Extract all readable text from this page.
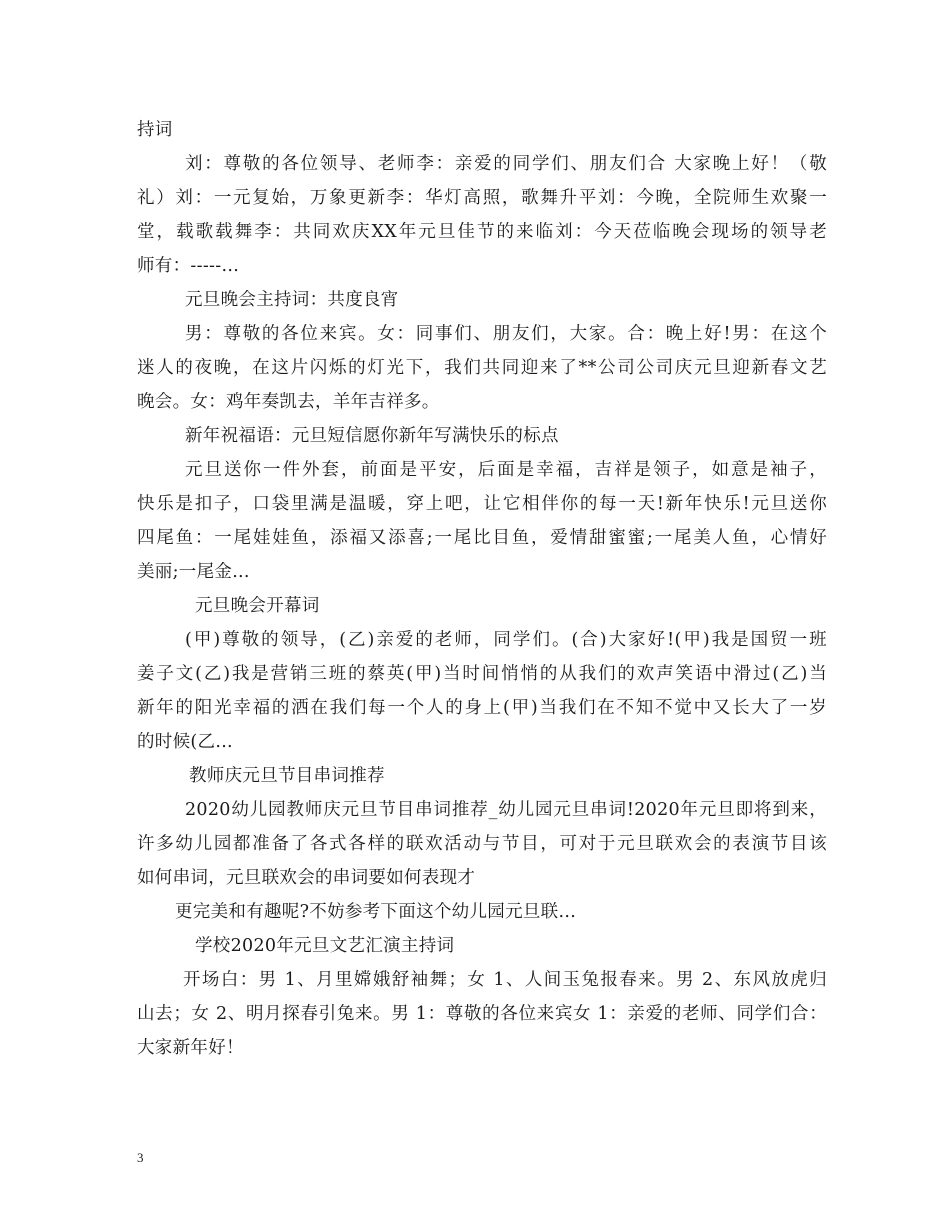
持词
刘：尊敬的各位领导、老师李：亲爱的同学们、朋友们合 大家晚上好！（敬
礼）刘：一元复始，万象更新李：华灯高照，歌舞升平刘：今晚，全院师生欢聚一
堂，载歌载舞李：共同欢庆XX年元旦佳节的来临刘：今天莅临晚会现场的领导老
师有：-----...
元旦晚会主持词：共度良宵
男：尊敬的各位来宾。女：同事们、朋友们，大家。合：晚上好!男：在这个
迷人的夜晚，在这片闪烁的灯光下，我们共同迎来了**公司公司庆元旦迎新春文艺
晚会。女：鸡年奏凯去，羊年吉祥多。
新年祝福语：元旦短信愿你新年写满快乐的标点
元旦送你一件外套，前面是平安，后面是幸福，吉祥是领子，如意是袖子，
快乐是扣子，口袋里满是温暖，穿上吧，让它相伴你的每一天!新年快乐!元旦送你
四尾鱼：一尾娃娃鱼，添福又添喜;一尾比目鱼，爱情甜蜜蜜;一尾美人鱼，心情好
美丽;一尾金...
元旦晚会开幕词
(甲)尊敬的领导，(乙)亲爱的老师，同学们。(合)大家好!(甲)我是国贸一班
姜子文(乙)我是营销三班的蔡英(甲)当时间悄悄的从我们的欢声笑语中滑过(乙)当
新年的阳光幸福的洒在我们每一个人的身上(甲)当我们在不知不觉中又长大了一岁
的时候(乙...
教师庆元旦节目串词推荐
2020幼儿园教师庆元旦节目串词推荐_幼儿园元旦串词!2020年元旦即将到来，
许多幼儿园都准备了各式各样的联欢活动与节目，可对于元旦联欢会的表演节目该
如何串词，元旦联欢会的串词要如何表现才
更完美和有趣呢?不妨参考下面这个幼儿园元旦联...
学校2020年元旦文艺汇演主持词
开场白：男 1、月里嫦娥舒袖舞；女 1、人间玉兔报春来。男 2、东风放虎归
山去；女 2、明月探春引兔来。男 1：尊敬的各位来宾女 1：亲爱的老师、同学们合：
大家新年好！
3
